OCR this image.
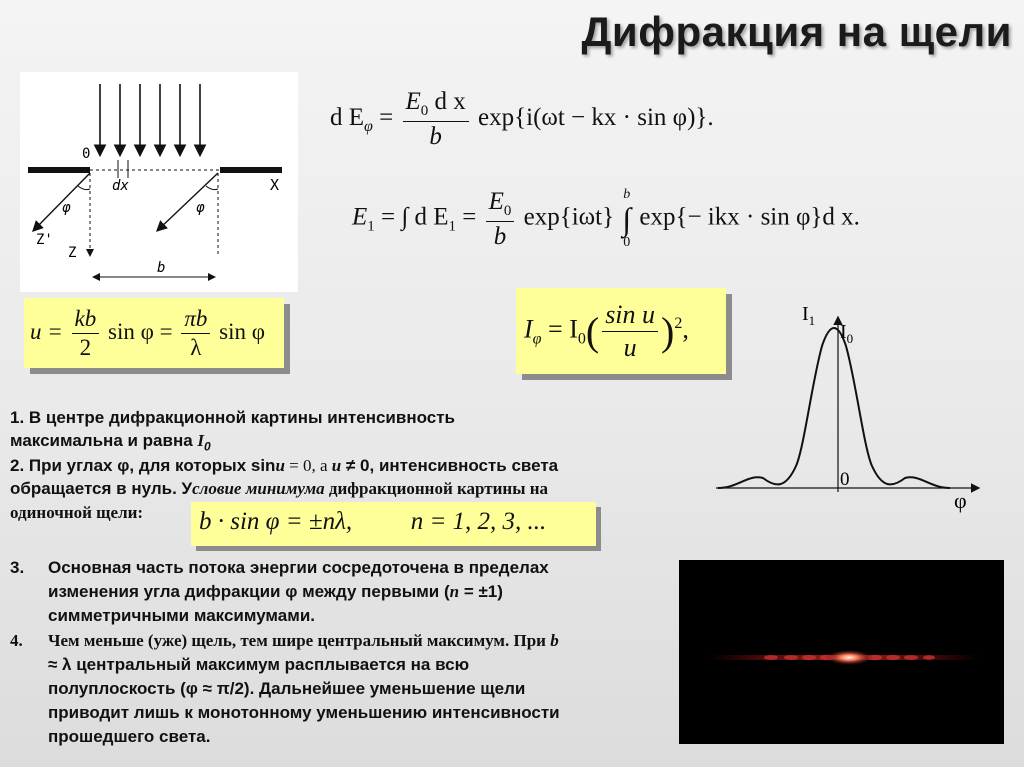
Дифракция на щели
0
dx	X
φ	φ
Z'
Z
b
d $E_\varphi = \frac{E_0 d x}{b} \exp\{i(\omega t$ − kx · sin φ)}.
$E_1$ = ∫ d $E_1 = \frac{E_0}{b} \exp\{i\omega t\}$
b
∫
0
exp{− ikx · sin φ}d x.
$u = \frac{kb}{2}$ $\sin \varphi = \frac{\pi b}{\lambda}$ sin φ	$I_\varphi = I_0( \frac{\text{sin u}}{u} )^2$,
$I_1$
$I_0$
0
φ
1. В центре дифракционной картины интенсивность
максимальна и равна $I_0$
2. При углах φ, для которых sinu = 0, а u ≠ 0, интенсивность света
обращается в нуль. Условие минимума дифракционной картины на
одиночной щели:	b · sin φ = ±nλ, n = 1, 2, 3, ...
3. Основная часть потока энергии сосредоточена в пределах
изменения угла дифракции φ между первыми (n = ±1)
симметричными максимумами.
4. Чем меньше (уже) щель, тем шире центральный максимум. При b
≈ λ центральный максимум расплывается на всю
полуплоскость (φ ≈ π/2). Дальнейшее уменьшение щели
приводит лишь к монотонному уменьшению интенсивности
прошедшего света.
